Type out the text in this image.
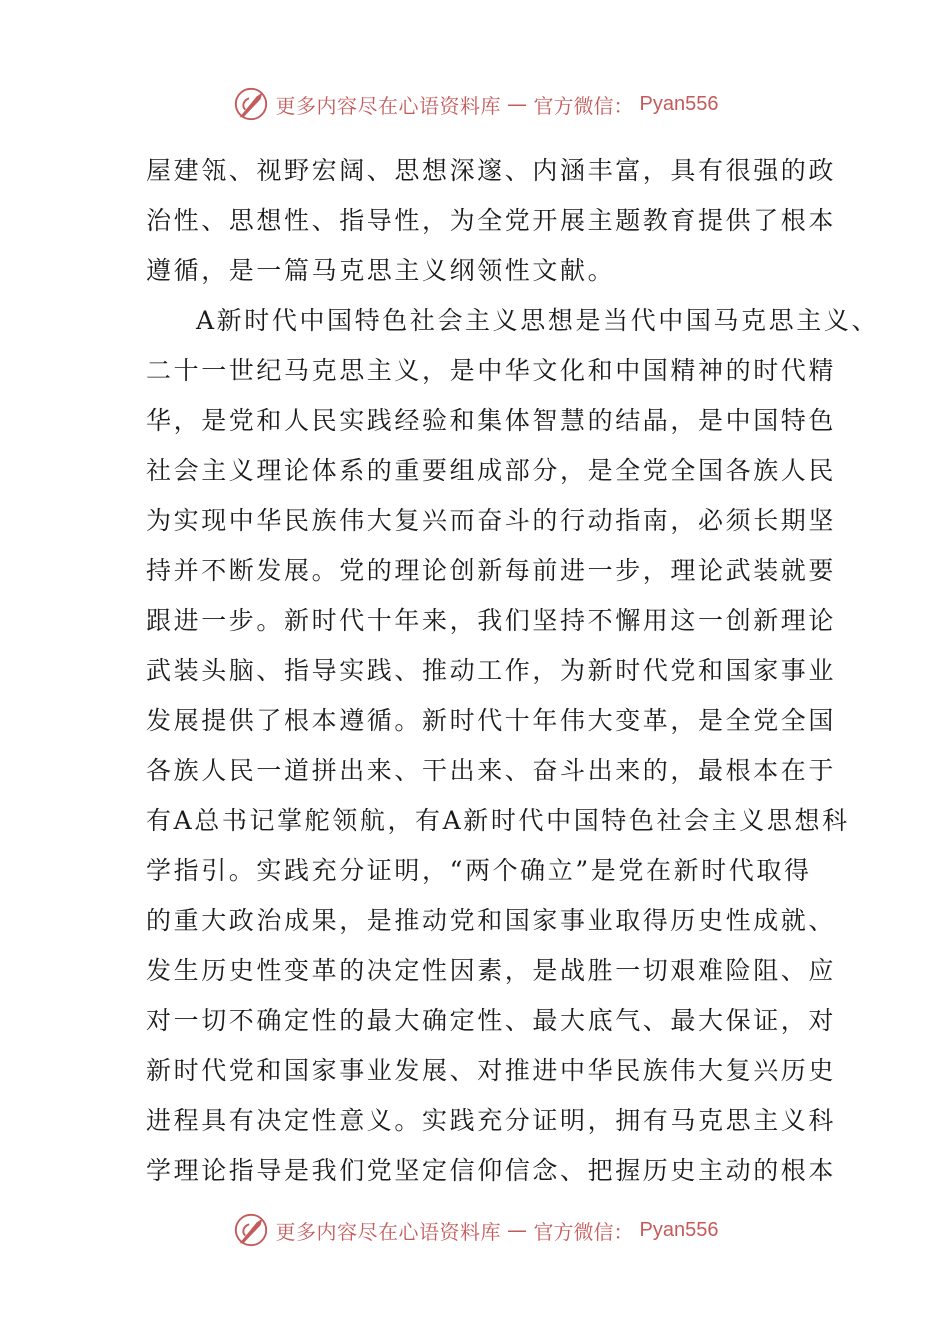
更多内容尽在心语资料库 — 官方微信： Pyan556
屋建瓴、视野宏阔、思想深邃、内涵丰富，具有很强的政
治性、思想性、指导性，为全党开展主题教育提供了根本
遵循，是一篇马克思主义纲领性文献。
A新时代中国特色社会主义思想是当代中国马克思主义、
二十一世纪马克思主义，是中华文化和中国精神的时代精
华，是党和人民实践经验和集体智慧的结晶，是中国特色
社会主义理论体系的重要组成部分，是全党全国各族人民
为实现中华民族伟大复兴而奋斗的行动指南，必须长期坚
持并不断发展。党的理论创新每前进一步，理论武装就要
跟进一步。新时代十年来，我们坚持不懈用这一创新理论
武装头脑、指导实践、推动工作，为新时代党和国家事业
发展提供了根本遵循。新时代十年伟大变革，是全党全国
各族人民一道拼出来、干出来、奋斗出来的，最根本在于
有A总书记掌舵领航，有A新时代中国特色社会主义思想科
学指引。实践充分证明，“两个确立”是党在新时代取得
的重大政治成果，是推动党和国家事业取得历史性成就、
发生历史性变革的决定性因素，是战胜一切艰难险阻、应
对一切不确定性的最大确定性、最大底气、最大保证，对
新时代党和国家事业发展、对推进中华民族伟大复兴历史
进程具有决定性意义。实践充分证明，拥有马克思主义科
学理论指导是我们党坚定信仰信念、把握历史主动的根本
更多内容尽在心语资料库 — 官方微信： Pyan556
